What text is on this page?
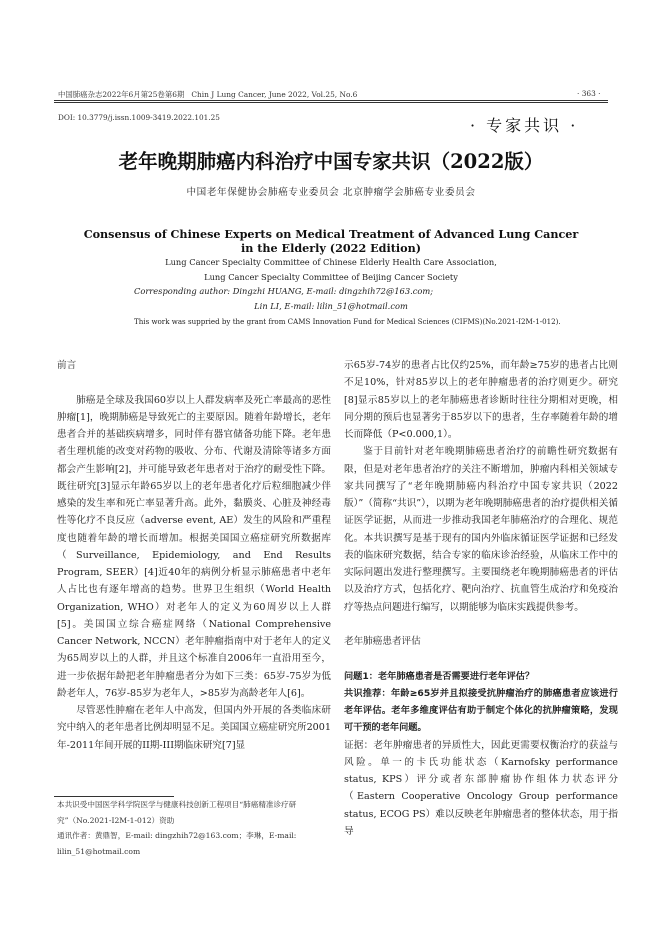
中国肺癌杂志2022年6月第25卷第6期 Chin J Lung Cancer, June 2022, Vol.25, No.6	· 363 ·
DOI: 10.3779/j.issn.1009-3419.2022.101.25	· 专家共识 ·
老年晚期肺癌内科治疗中国专家共识（2022版）
中国老年保健协会肺癌专业委员会 北京肿瘤学会肺癌专业委员会
Consensus of Chinese Experts on Medical Treatment of Advanced Lung Cancer
in the Elderly (2022 Edition)
Lung Cancer Specialty Committee of Chinese Elderly Health Care Association,
Lung Cancer Specialty Committee of Beijing Cancer Society
Corresponding author: Dingzhi HUANG, E-mail: dingzhih72@163.com;
Lin LI, E-mail: lilin_51@hotmail.com
This work was suppried by the grant from CAMS Innovation Fund for Medical Sciences (CIFMS)(No.2021-I2M-1-012).
前言

肺癌是全球及我国60岁以上人群发病率及死亡率最高的恶性肿瘤[1]，晚期肺癌是导致死亡的主要原因。随着年龄增长，老年患者合并的基础疾病增多，同时伴有器官储备功能下降。老年患者生理机能的改变对药物的吸收、分布、代谢及清除等诸多方面都会产生影响[2]，并可能导致老年患者对于治疗的耐受性下降。既往研究[3]显示年龄65岁以上的老年患者化疗后粒细胞减少伴感染的发生率和死亡率显著升高。此外，黏膜炎、心脏及神经毒性等化疗不良反应（adverse event, AE）发生的风险和严重程度也随着年龄的增长而增加。根据美国国立癌症研究所数据库（Surveillance, Epidemiology, and End Results Program, SEER）[4]近40年的病例分析显示肺癌患者中老年人占比也有逐年增高的趋势。世界卫生组织（World Health Organization, WHO）对老年人的定义为60周岁以上人群[5]。美国国立综合癌症网络（National Comprehensive Cancer Network, NCCN）老年肿瘤指南中对于老年人的定义为65周岁以上的人群，并且这个标准自2006年一直沿用至今，进一步依据年龄把老年肿瘤患者分为如下三类：65岁-75岁为低龄老年人，76岁-85岁为老年人，>85岁为高龄老年人[6]。

尽管恶性肿瘤在老年人中高发，但国内外开展的各类临床研究中纳入的老年患者比例却明显不足。美国国立癌症研究所2001年-2011年间开展的II期-III期临床研究[7]显

本共识受中国医学科学院医学与健康科技创新工程项目“肺癌精准诊疗研究”（No.2021-I2M-1-012）资助

通讯作者：黄鼎智，E-mail: dingzhih72@163.com；李琳，E-mail: lilin_51@hotmail.com

示65岁-74岁的患者占比仅约25%，而年龄≥75岁的患者占比则不足10%，针对85岁以上的老年肿瘤患者的治疗则更少。研究[8]显示85岁以上的老年肺癌患者诊断时往往分期相对更晚，相同分期的预后也显著劣于85岁以下的患者，生存率随着年龄的增长而降低（P<0.000,1）。

鉴于目前针对老年晚期肺癌患者治疗的前瞻性研究数据有限，但是对老年患者治疗的关注不断增加，肿瘤内科相关领域专家共同撰写了“老年晚期肺癌内科治疗中国专家共识（2022版）”（简称“共识”），以期为老年晚期肺癌患者的治疗提供相关循证医学证据，从而进一步推动我国老年肺癌治疗的合理化、规范化。本共识撰写是基于现有的国内外临床循证医学证据和已经发表的临床研究数据，结合专家的临床诊治经验，从临床工作中的实际问题出发进行整理撰写。主要围绕老年晚期肺癌患者的评估以及治疗方式，包括化疗、靶向治疗、抗血管生成治疗和免疫治疗等热点问题进行编写，以期能够为临床实践提供参考。

老年肺癌患者评估

问题1：老年肺癌患者是否需要进行老年评估？

共识推荐：年龄≥65岁并且拟接受抗肿瘤治疗的肺癌患者应该进行老年评估。老年多维度评估有助于制定个体化的抗肿瘤策略，发现可干预的老年问题。

证据：老年肿瘤患者的异质性大，因此更需要权衡治疗的获益与风险。单一的卡氏功能状态（Karnofsky performance status, KPS）评分或者东部肿瘤协作组体力状态评分（Eastern Cooperative Oncology Group performance status, ECOG PS）难以反映老年肿瘤患者的整体状态，用于指导
